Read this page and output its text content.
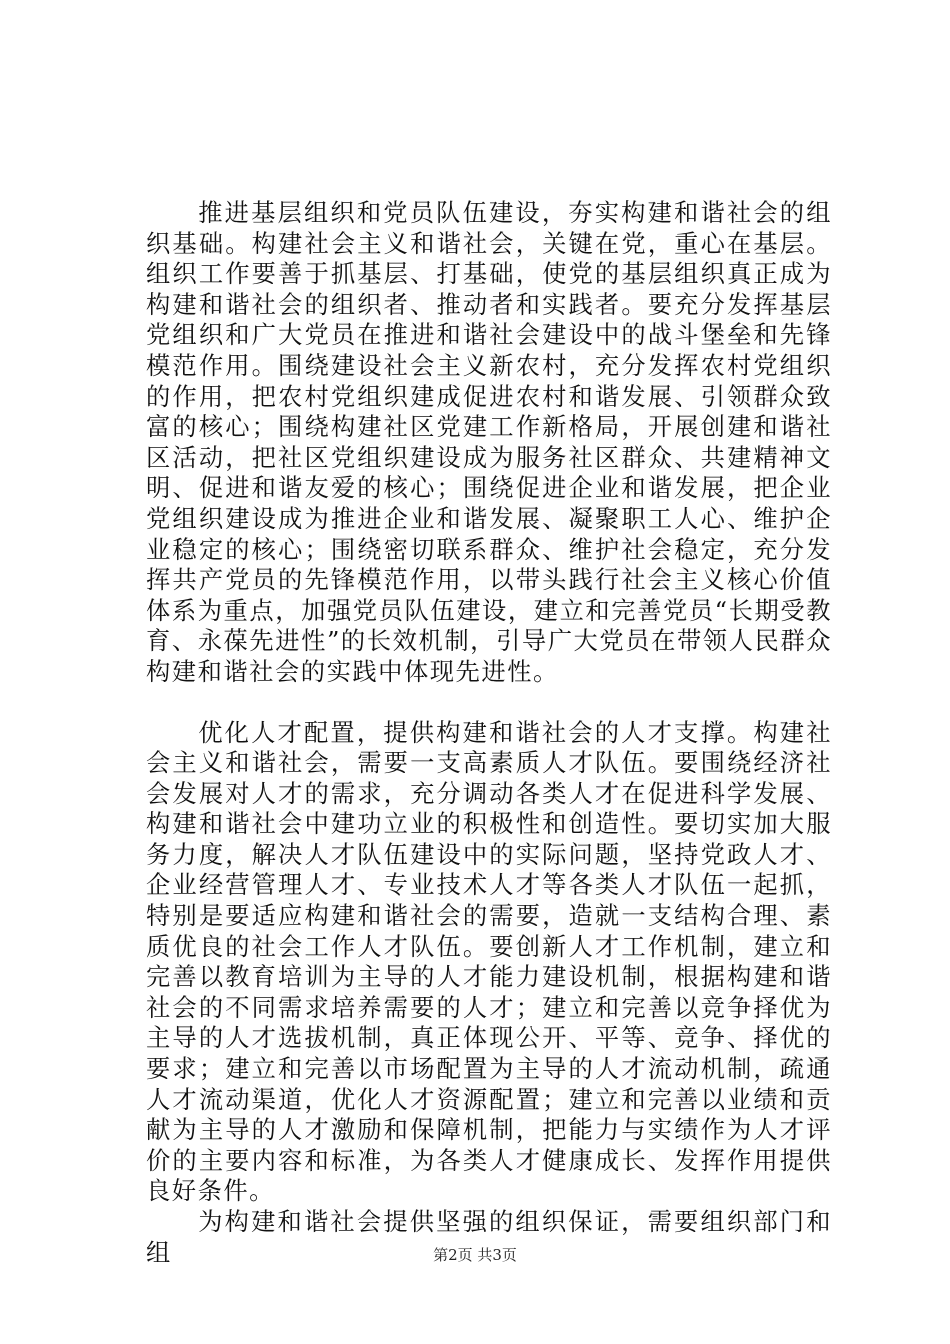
推进基层组织和党员队伍建设，夯实构建和谐社会的组织基础。构建社会主义和谐社会，关键在党，重心在基层。组织工作要善于抓基层、打基础，使党的基层组织真正成为构建和谐社会的组织者、推动者和实践者。要充分发挥基层党组织和广大党员在推进和谐社会建设中的战斗堡垒和先锋模范作用。围绕建设社会主义新农村，充分发挥农村党组织的作用，把农村党组织建成促进农村和谐发展、引领群众致富的核心；围绕构建社区党建工作新格局，开展创建和谐社区活动，把社区党组织建设成为服务社区群众、共建精神文明、促进和谐友爱的核心；围绕促进企业和谐发展，把企业党组织建设成为推进企业和谐发展、凝聚职工人心、维护企业稳定的核心；围绕密切联系群众、维护社会稳定，充分发挥共产党员的先锋模范作用，以带头践行社会主义核心价值体系为重点，加强党员队伍建设，建立和完善党员“长期受教育、永葆先进性”的长效机制，引导广大党员在带领人民群众构建和谐社会的实践中体现先进性。

优化人才配置，提供构建和谐社会的人才支撑。构建社会主义和谐社会，需要一支高素质人才队伍。要围绕经济社会发展对人才的需求，充分调动各类人才在促进科学发展、构建和谐社会中建功立业的积极性和创造性。要切实加大服务力度，解决人才队伍建设中的实际问题，坚持党政人才、企业经营管理人才、专业技术人才等各类人才队伍一起抓，特别是要适应构建和谐社会的需要，造就一支结构合理、素质优良的社会工作人才队伍。要创新人才工作机制，建立和完善以教育培训为主导的人才能力建设机制，根据构建和谐社会的不同需求培养需要的人才；建立和完善以竞争择优为主导的人才选拔机制，真正体现公开、平等、竞争、择优的要求；建立和完善以市场配置为主导的人才流动机制，疏通人才流动渠道，优化人才资源配置；建立和完善以业绩和贡献为主导的人才激励和保障机制，把能力与实绩作为人才评价的主要内容和标准，为各类人才健康成长、发挥作用提供良好条件。

为构建和谐社会提供坚强的组织保证，需要组织部门和组	第2页 共3页
